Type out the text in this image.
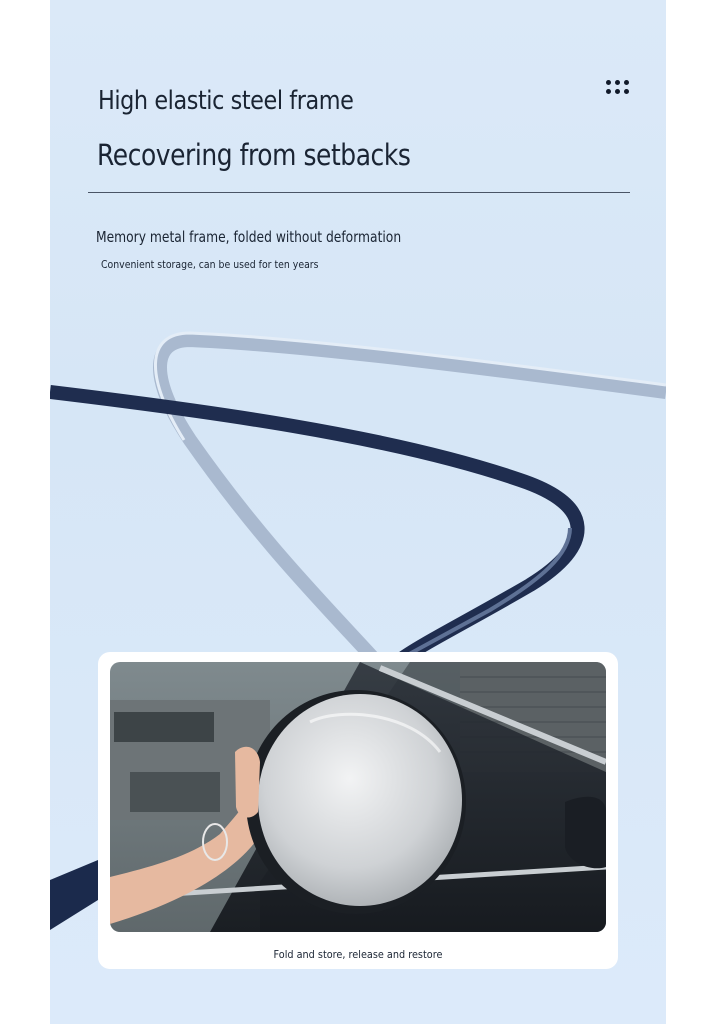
High elastic steel frame
Recovering from setbacks
Memory metal frame, folded without deformation
Convenient storage, can be used for ten years
Fold and store, release and restore
